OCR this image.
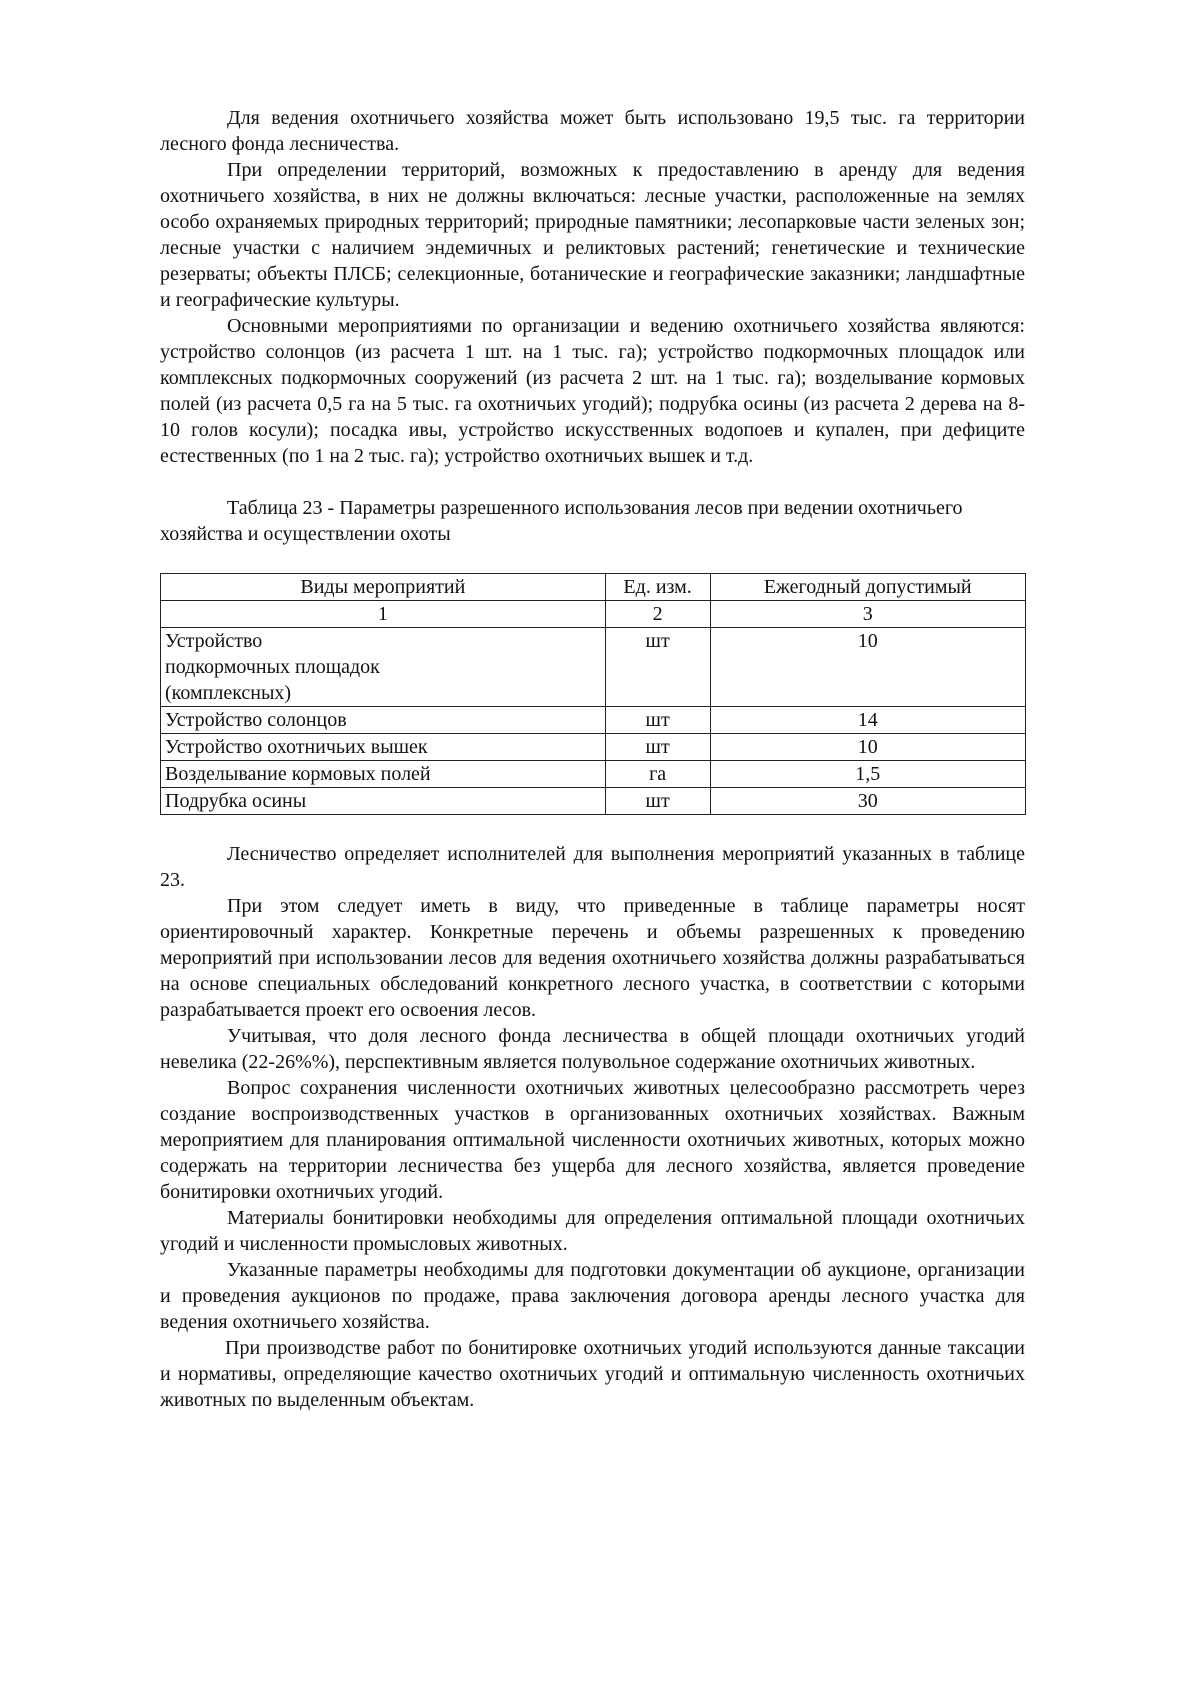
Для ведения охотничьего хозяйства может быть использовано 19,5 тыс. га территории лесного фонда лесничества.

При определении территорий, возможных к предоставлению в аренду для ведения охотничьего хозяйства, в них не должны включаться: лесные участки, расположенные на землях особо охраняемых природных территорий; природные памятники; лесопарковые части зеленых зон; лесные участки с наличием эндемичных и реликтовых растений; генетические и технические резерваты; объекты ПЛСБ; селекционные, ботанические и географические заказники; ландшафтные и географические культуры.

Основными мероприятиями по организации и ведению охотничьего хозяйства являются: устройство солонцов (из расчета 1 шт. на 1 тыс. га); устройство подкормочных площадок или комплексных подкормочных сооружений (из расчета 2 шт. на 1 тыс. га); возделывание кормовых полей (из расчета 0,5 га на 5 тыс. га охотничьих угодий); подрубка осины (из расчета 2 дерева на 8-10 голов косули); посадка ивы, устройство искусственных водопоев и купален, при дефиците естественных (по 1 на 2 тыс. га); устройство охотничьих вышек и т.д.

Таблица 23 - Параметры разрешенного использования лесов при ведении охотничьего хозяйства и осуществлении охоты

Виды мероприятий	Ед. изм.	Ежегодный допустимый
1	2	3
Устройство подкормочных площадок (комплексных)	шт	10
Устройство солонцов	шт	14
Устройство охотничьих вышек	шт	10
Возделывание кормовых полей	га	1,5
Подрубка осины	шт	30

Лесничество определяет исполнителей для выполнения мероприятий указанных в таблице 23.

При этом следует иметь в виду, что приведенные в таблице параметры носят ориентировочный характер. Конкретные перечень и объемы разрешенных к проведению мероприятий при использовании лесов для ведения охотничьего хозяйства должны разрабатываться на основе специальных обследований конкретного лесного участка, в соответствии с которыми разрабатывается проект его освоения лесов.

Учитывая, что доля лесного фонда лесничества в общей площади охотничьих угодий невелика (22-26%%), перспективным является полувольное содержание охотничьих животных.

Вопрос сохранения численности охотничьих животных целесообразно рассмотреть через создание воспроизводственных участков в организованных охотничьих хозяйствах. Важным мероприятием для планирования оптимальной численности охотничьих животных, которых можно содержать на территории лесничества без ущерба для лесного хозяйства, является проведение бонитировки охотничьих угодий.

Материалы бонитировки необходимы для определения оптимальной площади охотничьих угодий и численности промысловых животных.

Указанные параметры необходимы для подготовки документации об аукционе, организации и проведения аукционов по продаже, права заключения договора аренды лесного участка для ведения охотничьего хозяйства.

При производстве работ по бонитировке охотничьих угодий используются данные таксации и нормативы, определяющие качество охотничьих угодий и оптимальную численность охотничьих животных по выделенным объектам.
